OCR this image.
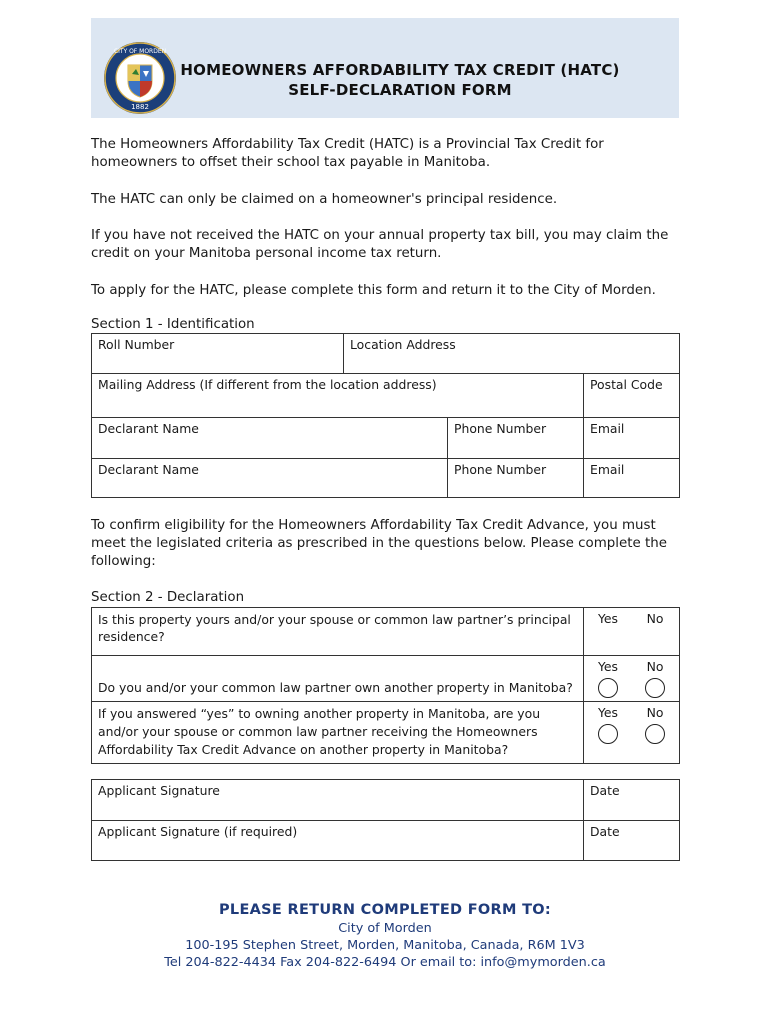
CITY OF MORDEN
1882
HOMEOWNERS AFFORDABILITY TAX CREDIT (HATC)
SELF-DECLARATION FORM
The Homeowners Affordability Tax Credit (HATC) is a Provincial Tax Credit for homeowners to offset their school tax payable in Manitoba.
The HATC can only be claimed on a homeowner's principal residence.
If you have not received the HATC on your annual property tax bill, you may claim the credit on your Manitoba personal income tax return.
To apply for the HATC, please complete this form and return it to the City of Morden.
Section 1 - Identification
Roll Number	Location Address		
Mailing Address (If different from the location address)			Postal Code
Declarant Name		Phone Number	Email
Declarant Name		Phone Number	Email
To confirm eligibility for the Homeowners Affordability Tax Credit Advance, you must meet the legislated criteria as prescribed in the questions below. Please complete the following:
Section 2 - Declaration
Is this property yours and/or your spouse or common law partner’s principal residence?	Yes No

Do you and/or your common law partner own another property in Manitoba?	Yes No

If you answered “yes” to owning another property in Manitoba, are you and/or your spouse or common law partner receiving the Homeowners Affordability Tax Credit Advance on another property in Manitoba?	Yes No
Applicant Signature	Date
Applicant Signature (if required)	Date
PLEASE RETURN COMPLETED FORM TO:
City of Morden
100-195 Stephen Street, Morden, Manitoba, Canada, R6M 1V3
Tel 204-822-4434 Fax 204-822-6494 Or email to: info@mymorden.ca
